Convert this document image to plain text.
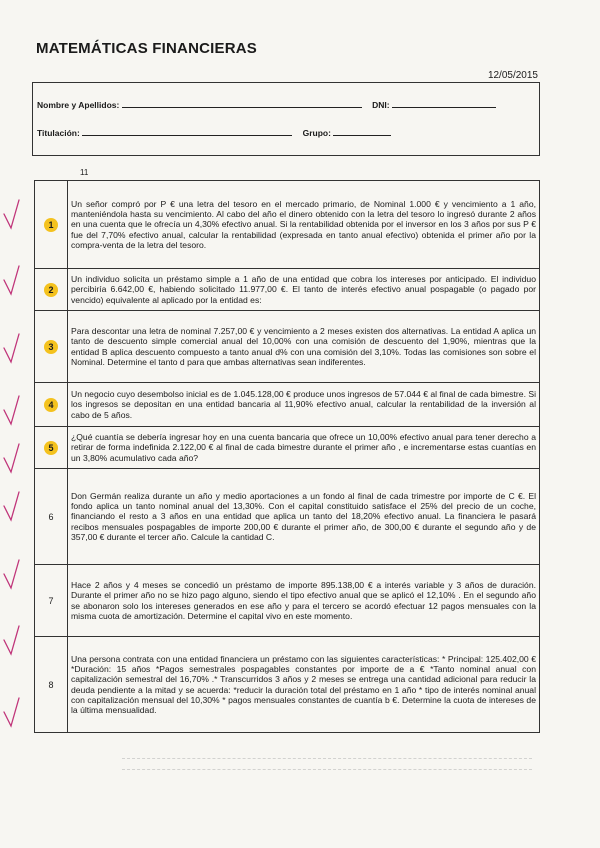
MATEMÁTICAS FINANCIERAS
12/05/2015
Nombre y Apellidos:	DNI:
Titulación:	Grupo:
11
1	Un señor compró por P € una letra del tesoro en el mercado primario, de Nominal 1.000 € y vencimiento a 1 año, manteniéndola hasta su vencimiento. Al cabo del año el dinero obtenido con la letra del tesoro lo ingresó durante 2 años en una cuenta que le ofrecía un 4,30% efectivo anual. Si la rentabilidad obtenida por el inversor en los 3 años por sus P € fue del 7,70% efectivo anual, calcular la rentabilidad (expresada en tanto anual efectivo) obtenida el primer año por la compra-venta de la letra del tesoro.
2	Un individuo solicita un préstamo simple a 1 año de una entidad que cobra los intereses por anticipado. El individuo percibiría 6.642,00 €, habiendo solicitado 11.977,00 €. El tanto de interés efectivo anual pospagable (o pagado por vencido) equivalente al aplicado por la entidad es:
3	Para descontar una letra de nominal 7.257,00 € y vencimiento a 2 meses existen dos alternativas. La entidad A aplica un tanto de descuento simple comercial anual del 10,00% con una comisión de descuento del 1,90%, mientras que la entidad B aplica descuento compuesto a tanto anual d% con una comisión del 3,10%. Todas las comisiones son sobre el Nominal. Determine el tanto d para que ambas alternativas sean indiferentes.
4	Un negocio cuyo desembolso inicial es de 1.045.128,00 € produce unos ingresos de 57.044 € al final de cada bimestre. Si los ingresos se depositan en una entidad bancaria al 11,90% efectivo anual, calcular la rentabilidad de la inversión al cabo de 5 años.
5	¿Qué cuantía se debería ingresar hoy en una cuenta bancaria que ofrece un 10,00% efectivo anual para tener derecho a retirar de forma indefinida 2.122,00 € al final de cada bimestre durante el primer año , e incrementarse estas cuantías en un 3,80% acumulativo cada año?
6	Don Germán realiza durante un año y medio aportaciones a un fondo al final de cada trimestre por importe de C €. El fondo aplica un tanto nominal anual del 13,30%. Con el capital constituido satisface el 25% del precio de un coche, financiando el resto a 3 años en una entidad que aplica un tanto del 18,20% efectivo anual. La financiera le pasará recibos mensuales pospagables de importe 200,00 € durante el primer año, de 300,00 € durante el segundo año y de 357,00 € durante el tercer año. Calcule la cantidad C.
7	Hace 2 años y 4 meses se concedió un préstamo de importe 895.138,00 € a interés variable y 3 años de duración. Durante el primer año no se hizo pago alguno, siendo el tipo efectivo anual que se aplicó el 12,10% . En el segundo año se abonaron solo los intereses generados en ese año y para el tercero se acordó efectuar 12 pagos mensuales con la misma cuota de amortización. Determine el capital vivo en este momento.
8	Una persona contrata con una entidad financiera un préstamo con las siguientes características: * Principal: 125.402,00 € *Duración: 15 años *Pagos semestrales pospagables constantes por importe de a € *Tanto nominal anual con capitalización semestral del 16,70% .* Transcurridos 3 años y 2 meses se entrega una cantidad adicional para reducir la deuda pendiente a la mitad y se acuerda: *reducir la duración total del préstamo en 1 año * tipo de interés nominal anual con capitalización mensual del 10,30% * pagos mensuales constantes de cuantía b €. Determine la cuota de intereses de la última mensualidad.
